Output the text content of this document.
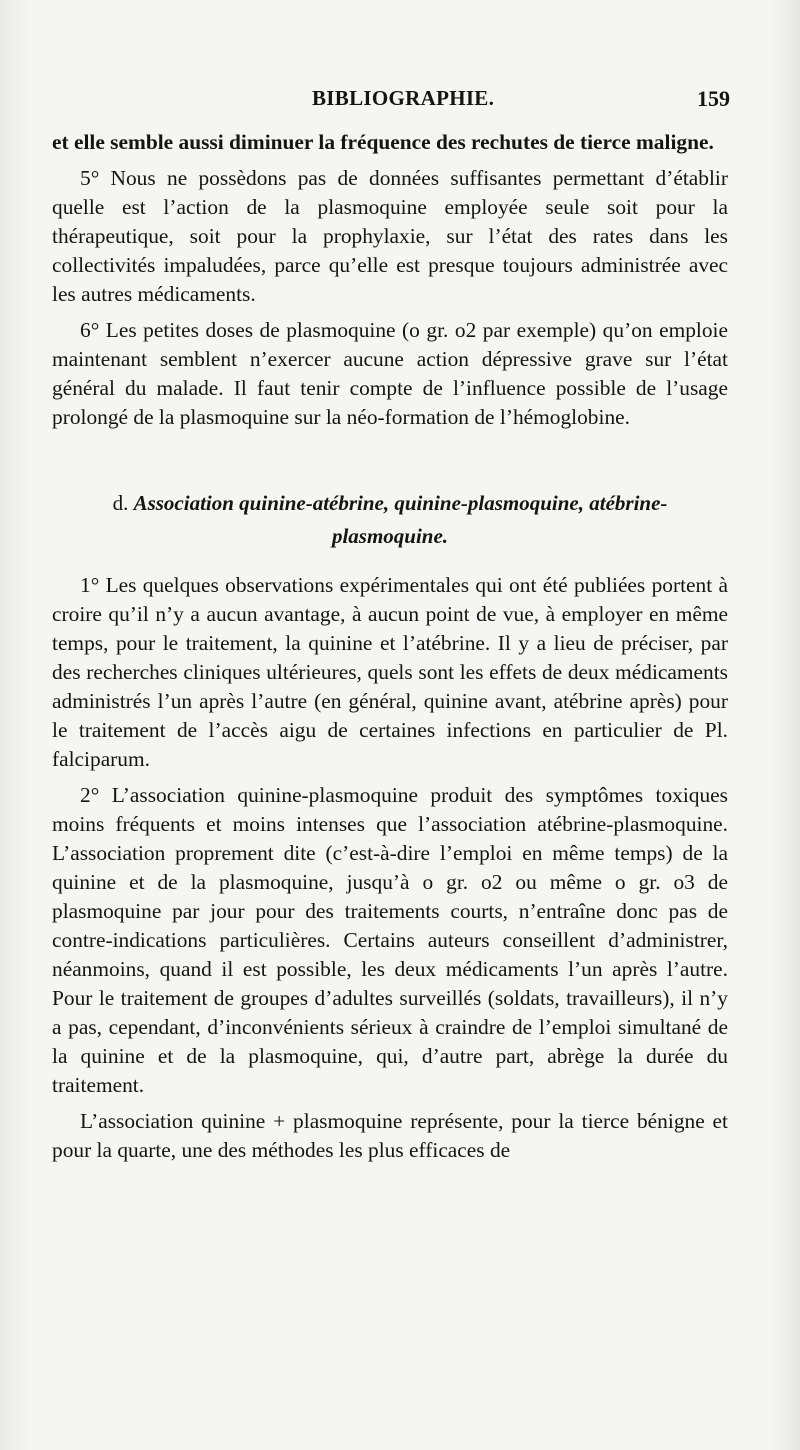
BIBLIOGRAPHIE.	159

et elle semble aussi diminuer la fréquence des rechutes de tierce maligne.

5° Nous ne possèdons pas de données suffisantes permettant d’établir quelle est l’action de la plasmoquine employée seule soit pour la thérapeutique, soit pour la prophylaxie, sur l’état des rates dans les collectivités impaludées, parce qu’elle est presque toujours administrée avec les autres médicaments.

6° Les petites doses de plasmoquine (o gr. o2 par exemple) qu’on emploie maintenant semblent n’exercer aucune action dépressive grave sur l’état général du malade. Il faut tenir compte de l’influence possible de l’usage prolongé de la plasmoquine sur la néo-formation de l’hémoglobine.

d. Association quinine-atébrine, quinine-plasmoquine, atébrine-

plasmoquine.

1° Les quelques observations expérimentales qui ont été publiées portent à croire qu’il n’y a aucun avantage, à aucun point de vue, à employer en même temps, pour le traitement, la quinine et l’atébrine. Il y a lieu de préciser, par des recherches cliniques ultérieures, quels sont les effets de deux médicaments administrés l’un après l’autre (en général, quinine avant, atébrine après) pour le traitement de l’accès aigu de certaines infections en particulier de Pl. falciparum.

2° L’association quinine-plasmoquine produit des symptômes toxiques moins fréquents et moins intenses que l’association atébrine-plasmoquine. L’association proprement dite (c’est-à-dire l’emploi en même temps) de la quinine et de la plasmoquine, jusqu’à o gr. o2 ou même o gr. o3 de plasmoquine par jour pour des traitements courts, n’entraîne donc pas de contre-indications particulières. Certains auteurs conseillent d’administrer, néanmoins, quand il est possible, les deux médicaments l’un après l’autre. Pour le traitement de groupes d’adultes surveillés (soldats, travailleurs), il n’y a pas, cependant, d’inconvénients sérieux à craindre de l’emploi simultané de la quinine et de la plasmoquine, qui, d’autre part, abrège la durée du traitement.

L’association quinine + plasmoquine représente, pour la tierce bénigne et pour la quarte, une des méthodes les plus efficaces de
